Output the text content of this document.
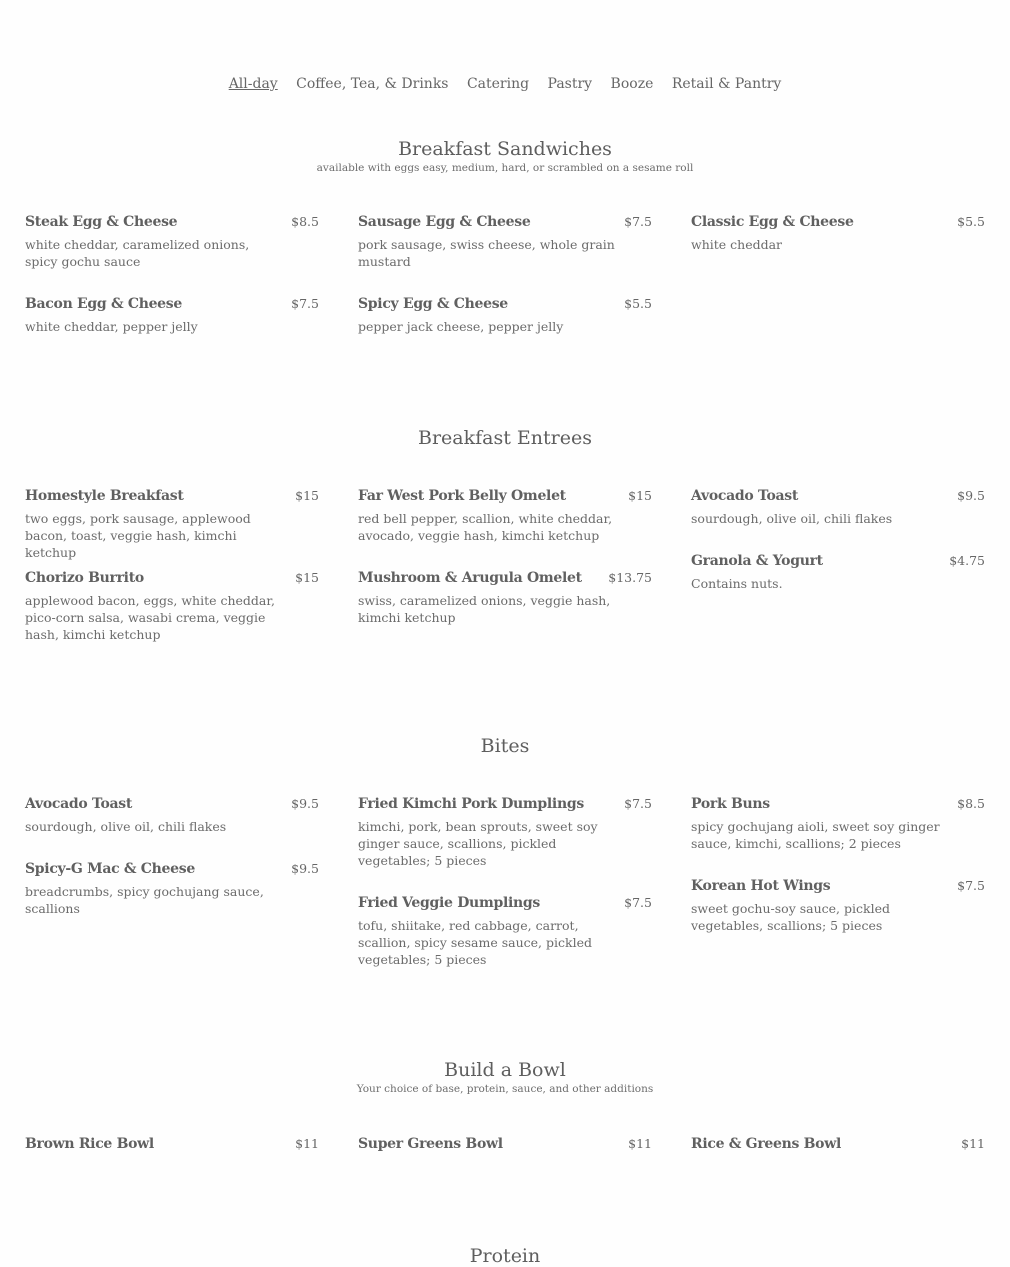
All-day Coffee, Tea, & Drinks Catering Pastry Booze Retail & Pantry
Breakfast Sandwiches
available with eggs easy, medium, hard, or scrambled on a sesame roll
Steak Egg & Cheese	$8.5
white cheddar, caramelized onions, spicy gochu sauce
Sausage Egg & Cheese	$7.5
pork sausage, swiss cheese, whole grain mustard
Classic Egg & Cheese	$5.5
white cheddar
Bacon Egg & Cheese	$7.5
white cheddar, pepper jelly
Spicy Egg & Cheese	$5.5
pepper jack cheese, pepper jelly
Breakfast Entrees
Homestyle Breakfast	$15
two eggs, pork sausage, applewood bacon, toast, veggie hash, kimchi ketchup
Far West Pork Belly Omelet	$15
red bell pepper, scallion, white cheddar, avocado, veggie hash, kimchi ketchup
Avocado Toast	$9.5
sourdough, olive oil, chili flakes
Chorizo Burrito	$15
applewood bacon, eggs, white cheddar, pico-corn salsa, wasabi crema, veggie hash, kimchi ketchup
Mushroom & Arugula Omelet	$13.75
swiss, caramelized onions, veggie hash, kimchi ketchup
Granola & Yogurt	$4.75
Contains nuts.
Bites
Avocado Toast	$9.5
sourdough, olive oil, chili flakes
Fried Kimchi Pork Dumplings	$7.5
kimchi, pork, bean sprouts, sweet soy ginger sauce, scallions, pickled vegetables; 5 pieces
Pork Buns	$8.5
spicy gochujang aioli, sweet soy ginger sauce, kimchi, scallions; 2 pieces
Spicy-G Mac & Cheese	$9.5
breadcrumbs, spicy gochujang sauce, scallions	Fried Veggie Dumplings	$7.5
tofu, shiitake, red cabbage, carrot, scallion, spicy sesame sauce, pickled vegetables; 5 pieces
Korean Hot Wings	$7.5
sweet gochu-soy sauce, pickled vegetables, scallions; 5 pieces
Build a Bowl
Your choice of base, protein, sauce, and other additions
Brown Rice Bowl	$11	Super Greens Bowl	$11	Rice & Greens Bowl	$11
Protein
